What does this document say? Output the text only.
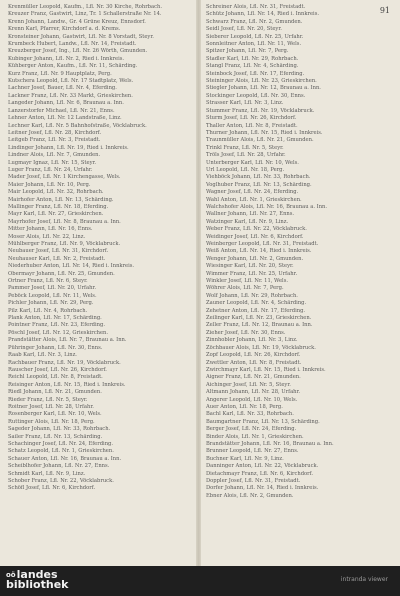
91
Krenmüller Leopold, Kaufm., Lfl. Nr. 30 Kirche, Rohrbach.
Kreuzer Franz, Gastwirt, Linz, Tr. 1 Schallerstraße Nr. 14.
Krenn Johann, Landw., Gr. 4 Grüne Kreuz, Ennsdorf.
Krenn Karl, Pfarrer, Kirchdorf a. d. Krems.
Kronsteiner Johann, Gastwirt, Lfl. Nr. 8 Vorstadt, Steyr.
Krumbeck Hubert, Landw., Lfl. Nr. 14, Freistadt.
Kreuzberger Josef, Ing., Lfl. Nr. 26 Wörth, Gmunden.
Kubinger Johann, Lfl. Nr. 2, Ried i. Innkreis.
Kühberger Anton, Kaufm., Lfl. Nr. 11, Schärding.
Kurz Franz, Lfl. Nr. 9 Hauptplatz, Perg.
Kutschera Leopold, Lfl. Nr. 17 Stadtplatz, Wels.
Lachner Josef, Bauer, Lfl. Nr. 4, Eferding.
Lackner Franz, Lfl. Nr. 33 Markt, Grieskirchen.
Langeder Johann, Lfl. Nr. 6, Braunau a. Inn.
Lanzerstorfer Michael, Lfl. Nr. 21, Enns.
Lehner Anton, Lfl. Nr. 12 Landstraße, Linz.
Lechner Karl, Lfl. Nr. 5 Bahnhofstraße, Vöcklabruck.
Leitner Josef, Lfl. Nr. 28, Kirchdorf.
Leitgeb Franz, Lfl. Nr. 3, Freistadt.
Lindinger Johann, Lfl. Nr. 19, Ried i. Innkreis.
Lindner Alois, Lfl. Nr. 7, Gmunden.
Lugmayr Ignaz, Lfl. Nr. 15, Steyr.
Luger Franz, Lfl. Nr. 24, Urfahr.
Mader Josef, Lfl. Nr. 1 Kirchengasse, Wels.
Maier Johann, Lfl. Nr. 10, Perg.
Mair Leopold, Lfl. Nr. 32, Rohrbach.
Mairhofer Anton, Lfl. Nr. 13, Schärding.
Mallinger Franz, Lfl. Nr. 18, Eferding.
Mayr Karl, Lfl. Nr. 27, Grieskirchen.
Mayrhofer Josef, Lfl. Nr. 8, Braunau a. Inn.
Mitter Johann, Lfl. Nr. 16, Enns.
Moser Alois, Lfl. Nr. 22, Linz.
Mühlberger Franz, Lfl. Nr. 9, Vöcklabruck.
Neubauer Josef, Lfl. Nr. 31, Kirchdorf.
Neuhauser Karl, Lfl. Nr. 2, Freistadt.
Niederhuber Anton, Lfl. Nr. 14, Ried i. Innkreis.
Obermayr Johann, Lfl. Nr. 25, Gmunden.
Ortner Franz, Lfl. Nr. 6, Steyr.
Pammer Josef, Lfl. Nr. 20, Urfahr.
Peböck Leopold, Lfl. Nr. 11, Wels.
Pichler Johann, Lfl. Nr. 29, Perg.
Pilz Karl, Lfl. Nr. 4, Rohrbach.
Plank Anton, Lfl. Nr. 17, Schärding.
Pointner Franz, Lfl. Nr. 23, Eferding.
Pöschl Josef, Lfl. Nr. 12, Grieskirchen.
Prandstätter Alois, Lfl. Nr. 7, Braunau a. Inn.
Pühringer Johann, Lfl. Nr. 30, Enns.
Raab Karl, Lfl. Nr. 3, Linz.
Rachbauer Franz, Lfl. Nr. 19, Vöcklabruck.
Rauscher Josef, Lfl. Nr. 26, Kirchdorf.
Reichl Leopold, Lfl. Nr. 8, Freistadt.
Reisinger Anton, Lfl. Nr. 15, Ried i. Innkreis.
Riedl Johann, Lfl. Nr. 21, Gmunden.
Rieder Franz, Lfl. Nr. 5, Steyr.
Roitner Josef, Lfl. Nr. 28, Urfahr.
Rosenberger Karl, Lfl. Nr. 10, Wels.
Ruttinger Alois, Lfl. Nr. 18, Perg.
Sageder Johann, Lfl. Nr. 33, Rohrbach.
Sailer Franz, Lfl. Nr. 13, Schärding.
Schachinger Josef, Lfl. Nr. 24, Eferding.
Schatz Leopold, Lfl. Nr. 1, Grieskirchen.
Schauer Anton, Lfl. Nr. 16, Braunau a. Inn.
Scheiblhofer Johann, Lfl. Nr. 27, Enns.
Schmidt Karl, Lfl. Nr. 9, Linz.
Schober Franz, Lfl. Nr. 22, Vöcklabruck.
Schöfl Josef, Lfl. Nr. 6, Kirchdorf.
Schreiner Alois, Lfl. Nr. 31, Freistadt.
Schütz Johann, Lfl. Nr. 14, Ried i. Innkreis.
Schwarz Franz, Lfl. Nr. 2, Gmunden.
Seidl Josef, Lfl. Nr. 20, Steyr.
Sieberer Leopold, Lfl. Nr. 25, Urfahr.
Sonnleitner Anton, Lfl. Nr. 11, Wels.
Spitzer Johann, Lfl. Nr. 7, Perg.
Stadler Karl, Lfl. Nr. 29, Rohrbach.
Stangl Franz, Lfl. Nr. 4, Schärding.
Steinbock Josef, Lfl. Nr. 17, Eferding.
Steininger Alois, Lfl. Nr. 23, Grieskirchen.
Stiegler Johann, Lfl. Nr. 12, Braunau a. Inn.
Stockinger Leopold, Lfl. Nr. 30, Enns.
Strasser Karl, Lfl. Nr. 3, Linz.
Stummer Franz, Lfl. Nr. 19, Vöcklabruck.
Sturm Josef, Lfl. Nr. 26, Kirchdorf.
Thaller Anton, Lfl. Nr. 8, Freistadt.
Thurner Johann, Lfl. Nr. 15, Ried i. Innkreis.
Traunmüller Alois, Lfl. Nr. 21, Gmunden.
Trinkl Franz, Lfl. Nr. 5, Steyr.
Tröls Josef, Lfl. Nr. 28, Urfahr.
Unterberger Karl, Lfl. Nr. 10, Wels.
Url Leopold, Lfl. Nr. 18, Perg.
Viehböck Johann, Lfl. Nr. 33, Rohrbach.
Voglhuber Franz, Lfl. Nr. 13, Schärding.
Wagner Josef, Lfl. Nr. 24, Eferding.
Wahl Anton, Lfl. Nr. 1, Grieskirchen.
Walchshofer Alois, Lfl. Nr. 16, Braunau a. Inn.
Wallner Johann, Lfl. Nr. 27, Enns.
Watzinger Karl, Lfl. Nr. 9, Linz.
Weber Franz, Lfl. Nr. 22, Vöcklabruck.
Weidinger Josef, Lfl. Nr. 6, Kirchdorf.
Weinberger Leopold, Lfl. Nr. 31, Freistadt.
Weiß Anton, Lfl. Nr. 14, Ried i. Innkreis.
Wenger Johann, Lfl. Nr. 2, Gmunden.
Wiesinger Karl, Lfl. Nr. 20, Steyr.
Wimmer Franz, Lfl. Nr. 25, Urfahr.
Winkler Josef, Lfl. Nr. 11, Wels.
Wöhrer Alois, Lfl. Nr. 7, Perg.
Wolf Johann, Lfl. Nr. 29, Rohrbach.
Zauner Leopold, Lfl. Nr. 4, Schärding.
Zehetner Anton, Lfl. Nr. 17, Eferding.
Zeilinger Karl, Lfl. Nr. 23, Grieskirchen.
Zeller Franz, Lfl. Nr. 12, Braunau a. Inn.
Zieher Josef, Lfl. Nr. 30, Enns.
Zinnhobler Johann, Lfl. Nr. 3, Linz.
Zöchbauer Alois, Lfl. Nr. 19, Vöcklabruck.
Zopf Leopold, Lfl. Nr. 26, Kirchdorf.
Zwettler Anton, Lfl. Nr. 8, Freistadt.
Zwirchmayr Karl, Lfl. Nr. 15, Ried i. Innkreis.
Aigner Franz, Lfl. Nr. 21, Gmunden.
Aichinger Josef, Lfl. Nr. 5, Steyr.
Altmann Johann, Lfl. Nr. 28, Urfahr.
Angerer Leopold, Lfl. Nr. 10, Wels.
Auer Anton, Lfl. Nr. 18, Perg.
Bachl Karl, Lfl. Nr. 33, Rohrbach.
Baumgartner Franz, Lfl. Nr. 13, Schärding.
Berger Josef, Lfl. Nr. 24, Eferding.
Binder Alois, Lfl. Nr. 1, Grieskirchen.
Brandstätter Johann, Lfl. Nr. 16, Braunau a. Inn.
Brunner Leopold, Lfl. Nr. 27, Enns.
Buchner Karl, Lfl. Nr. 9, Linz.
Danninger Anton, Lfl. Nr. 22, Vöcklabruck.
Dietachmayr Franz, Lfl. Nr. 6, Kirchdorf.
Doppler Josef, Lfl. Nr. 31, Freistadt.
Dorfer Johann, Lfl. Nr. 14, Ried i. Innkreis.
Ebner Alois, Lfl. Nr. 2, Gmunden.
$^{oö}$landes
bibliothek	intranda viewer
